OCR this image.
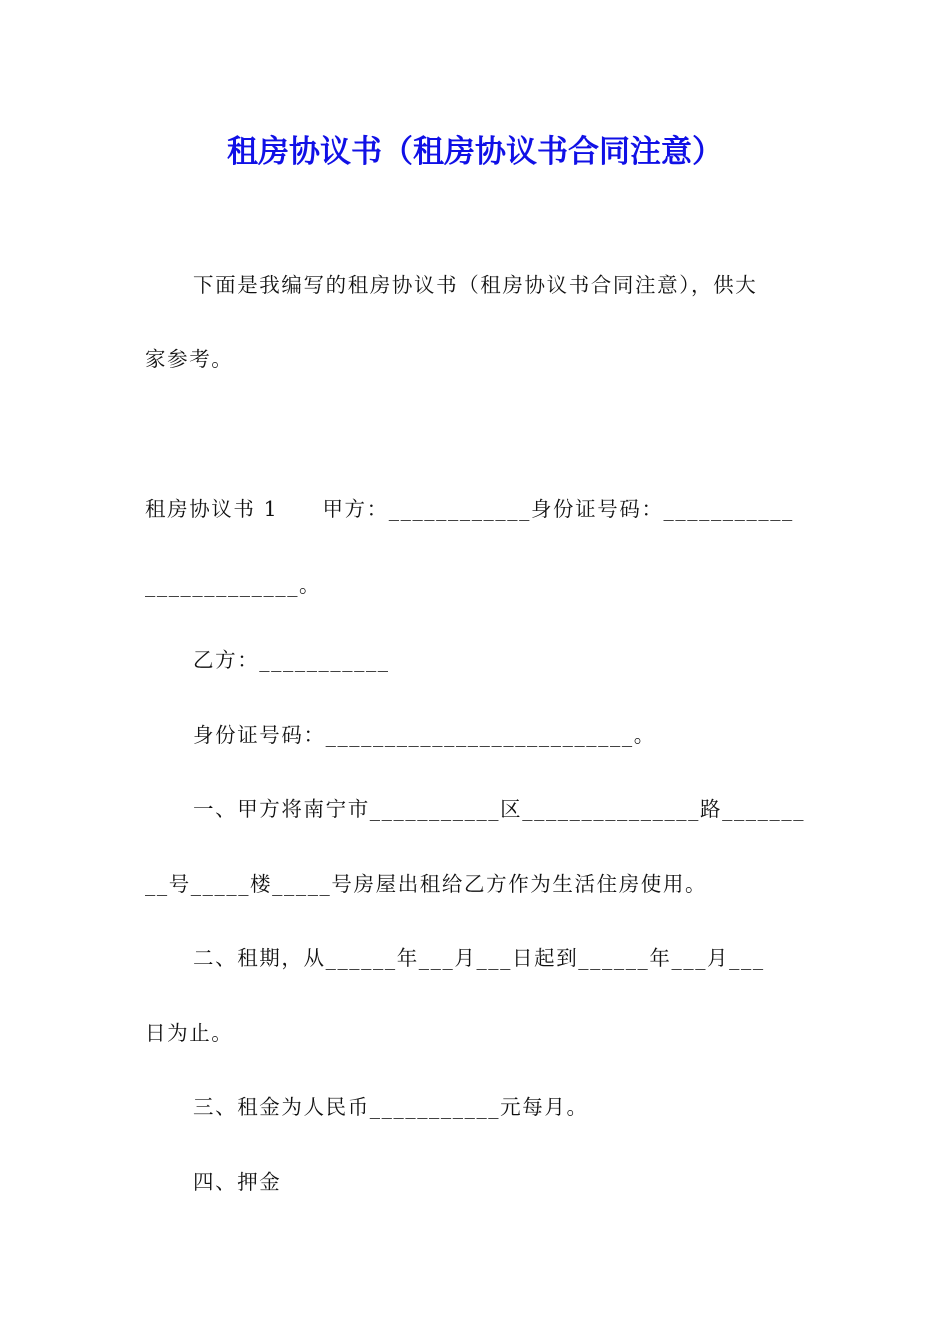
租房协议书（租房协议书合同注意）
下面是我编写的租房协议书（租房协议书合同注意），供大
家参考。
租房协议书 1　　甲方：____________身份证号码：___________
_____________。
乙方：___________
身份证号码：__________________________。
一、甲方将南宁市___________区_______________路_______
__号_____楼_____号房屋出租给乙方作为生活住房使用。
二、租期，从______年___月___日起到______年___月___
日为止。
三、租金为人民币___________元每月。
四、押金
